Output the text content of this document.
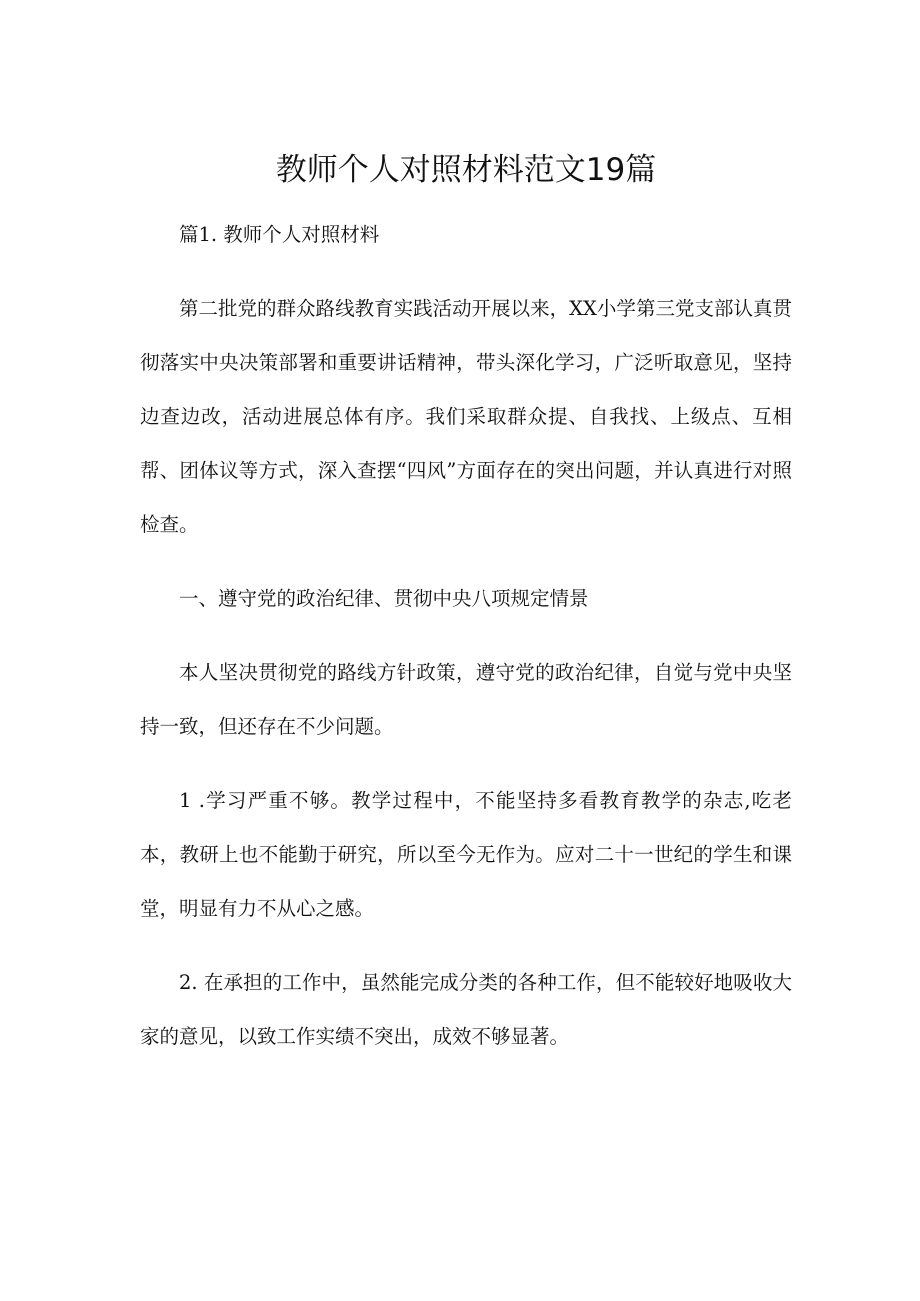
教师个人对照材料范文19篇

篇1. 教师个人对照材料

第二批党的群众路线教育实践活动开展以来，XX小学第三党支部认真贯彻落实中央决策部署和重要讲话精神，带头深化学习，广泛听取意见，坚持边查边改，活动进展总体有序。我们采取群众提、自我找、上级点、互相帮、团体议等方式，深入查摆“四风”方面存在的突出问题，并认真进行对照检查。

一、遵守党的政治纪律、贯彻中央八项规定情景

本人坚决贯彻党的路线方针政策，遵守党的政治纪律，自觉与党中央坚持一致，但还存在不少问题。

1 .学习严重不够。教学过程中，不能坚持多看教育教学的杂志,吃老本，教研上也不能勤于研究，所以至今无作为。应对二十一世纪的学生和课堂，明显有力不从心之感。

2. 在承担的工作中，虽然能完成分类的各种工作，但不能较好地吸收大家的意见，以致工作实绩不突出，成效不够显著。
